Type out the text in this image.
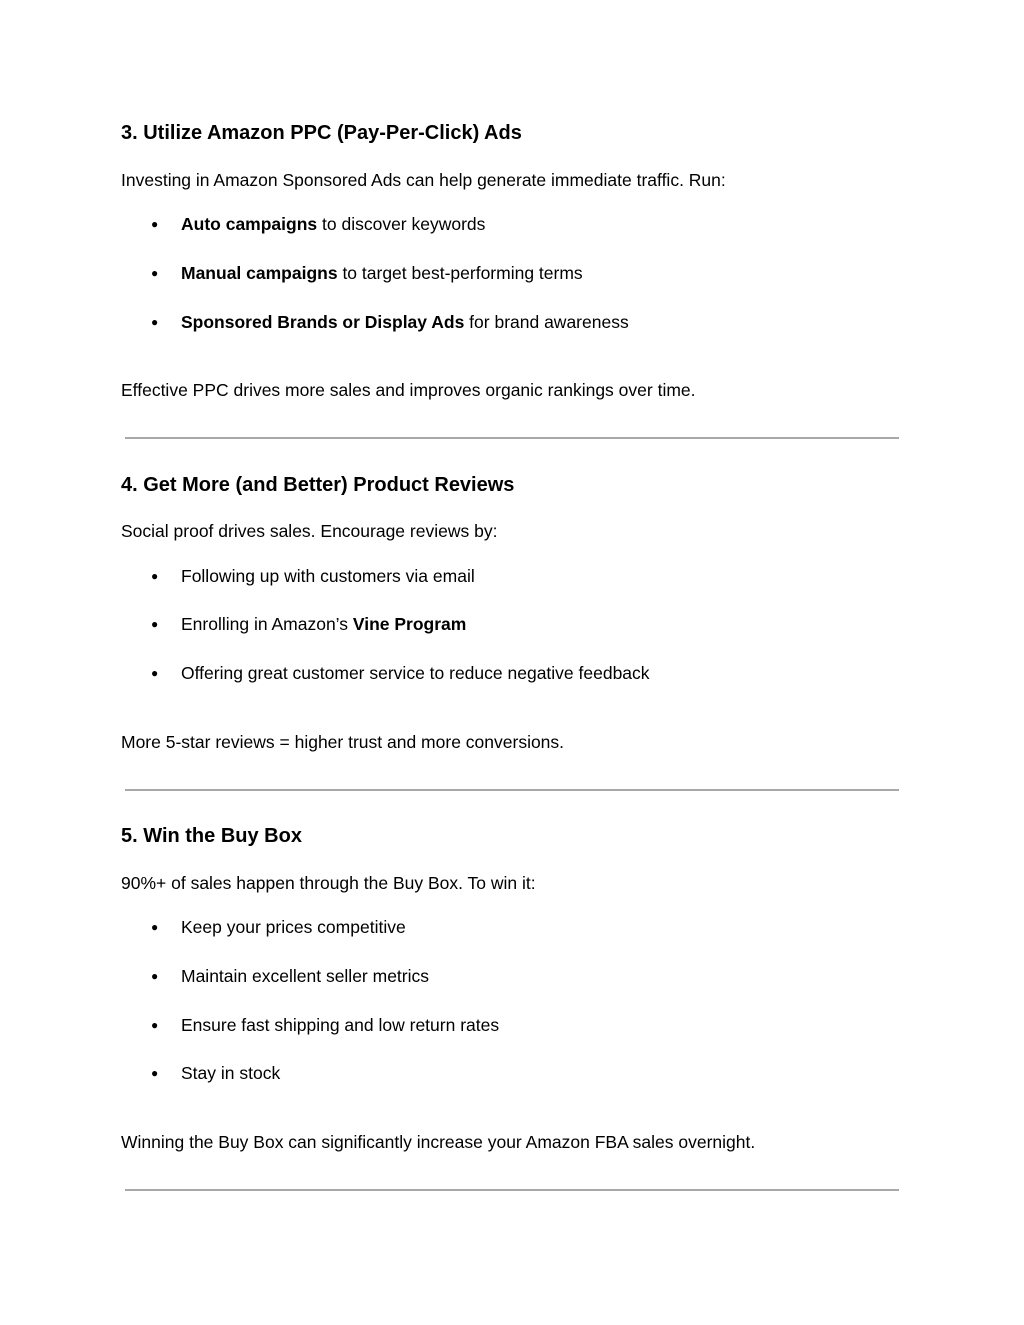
3. Utilize Amazon PPC (Pay-Per-Click) Ads

Investing in Amazon Sponsored Ads can help generate immediate traffic. Run:

● Auto campaigns to discover keywords
● Manual campaigns to target best-performing terms
● Sponsored Brands or Display Ads for brand awareness

Effective PPC drives more sales and improves organic rankings over time.

4. Get More (and Better) Product Reviews

Social proof drives sales. Encourage reviews by:

● Following up with customers via email
● Enrolling in Amazon’s Vine Program
● Offering great customer service to reduce negative feedback

More 5-star reviews = higher trust and more conversions.

5. Win the Buy Box

90%+ of sales happen through the Buy Box. To win it:

● Keep your prices competitive
● Maintain excellent seller metrics
● Ensure fast shipping and low return rates
● Stay in stock

Winning the Buy Box can significantly increase your Amazon FBA sales overnight.
